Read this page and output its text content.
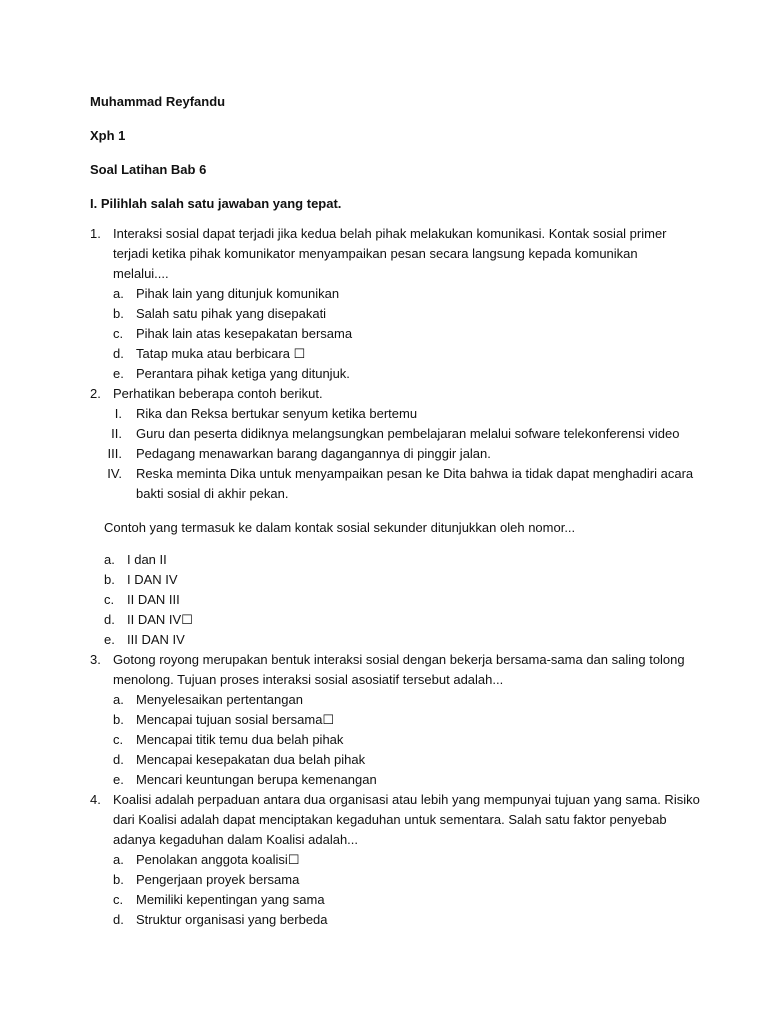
Muhammad Reyfandu
Xph 1
Soal Latihan Bab 6
I. Pilihlah salah satu jawaban yang tepat.
1. Interaksi sosial dapat terjadi jika kedua belah pihak melakukan komunikasi. Kontak sosial primer
terjadi ketika pihak komunikator menyampaikan pesan secara langsung kepada komunikan
melalui....
a. Pihak lain yang ditunjuk komunikan
b. Salah satu pihak yang disepakati
c. Pihak lain atas kesepakatan bersama
d. Tatap muka atau berbicara ☐
e. Perantara pihak ketiga yang ditunjuk.
2. Perhatikan beberapa contoh berikut.
I. Rika dan Reksa bertukar senyum ketika bertemu
II. Guru dan peserta didiknya melangsungkan pembelajaran melalui sofware telekonferensi video
III. Pedagang menawarkan barang dagangannya di pinggir jalan.
IV. Reska meminta Dika untuk menyampaikan pesan ke Dita bahwa ia tidak dapat menghadiri acara
bakti sosial di akhir pekan.
Contoh yang termasuk ke dalam kontak sosial sekunder ditunjukkan oleh nomor...
a. I dan II
b. I DAN IV
c. II DAN III
d. II DAN IV☐
e. III DAN IV
3. Gotong royong merupakan bentuk interaksi sosial dengan bekerja bersama-sama dan saling tolong
menolong. Tujuan proses interaksi sosial asosiatif tersebut adalah...
a. Menyelesaikan pertentangan
b. Mencapai tujuan sosial bersama☐
c. Mencapai titik temu dua belah pihak
d. Mencapai kesepakatan dua belah pihak
e. Mencari keuntungan berupa kemenangan
4. Koalisi adalah perpaduan antara dua organisasi atau lebih yang mempunyai tujuan yang sama. Risiko
dari Koalisi adalah dapat menciptakan kegaduhan untuk sementara. Salah satu faktor penyebab
adanya kegaduhan dalam Koalisi adalah...
a. Penolakan anggota koalisi☐
b. Pengerjaan proyek bersama
c. Memiliki kepentingan yang sama
d. Struktur organisasi yang berbeda
